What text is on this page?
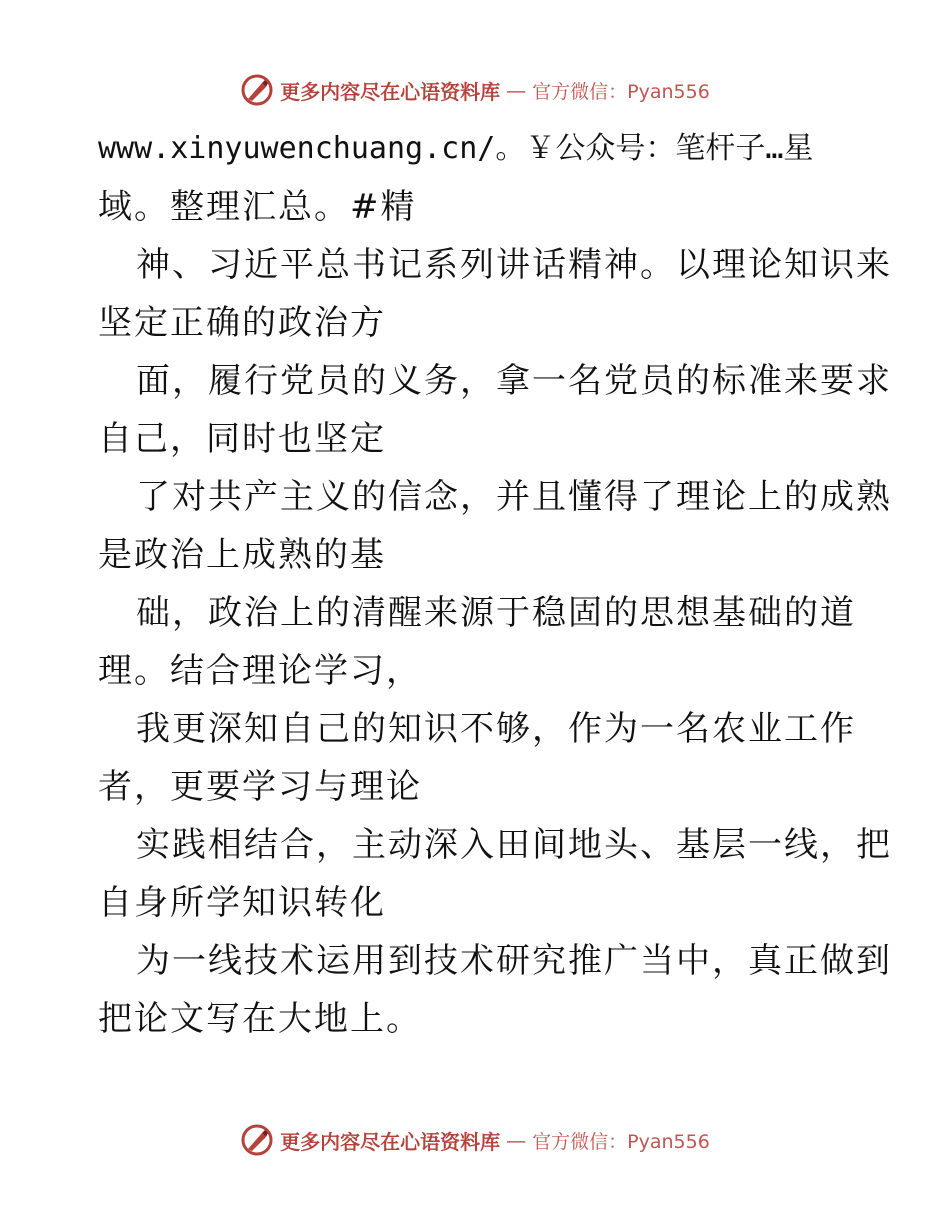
更多内容尽在心语资料库 — 官方微信：Pyan556
www.xinyuwenchuang.cn/。￥公众号：笔杆子…星
域。整理汇总。#精
神、习近平总书记系列讲话精神。以理论知识来
坚定正确的政治方
面，履行党员的义务，拿一名党员的标准来要求
自己，同时也坚定
了对共产主义的信念，并且懂得了理论上的成熟
是政治上成熟的基
础，政治上的清醒来源于稳固的思想基础的道
理。结合理论学习，
我更深知自己的知识不够，作为一名农业工作
者，更要学习与理论
实践相结合，主动深入田间地头、基层一线，把
自身所学知识转化
为一线技术运用到技术研究推广当中，真正做到
把论文写在大地上。
更多内容尽在心语资料库 — 官方微信：Pyan556
